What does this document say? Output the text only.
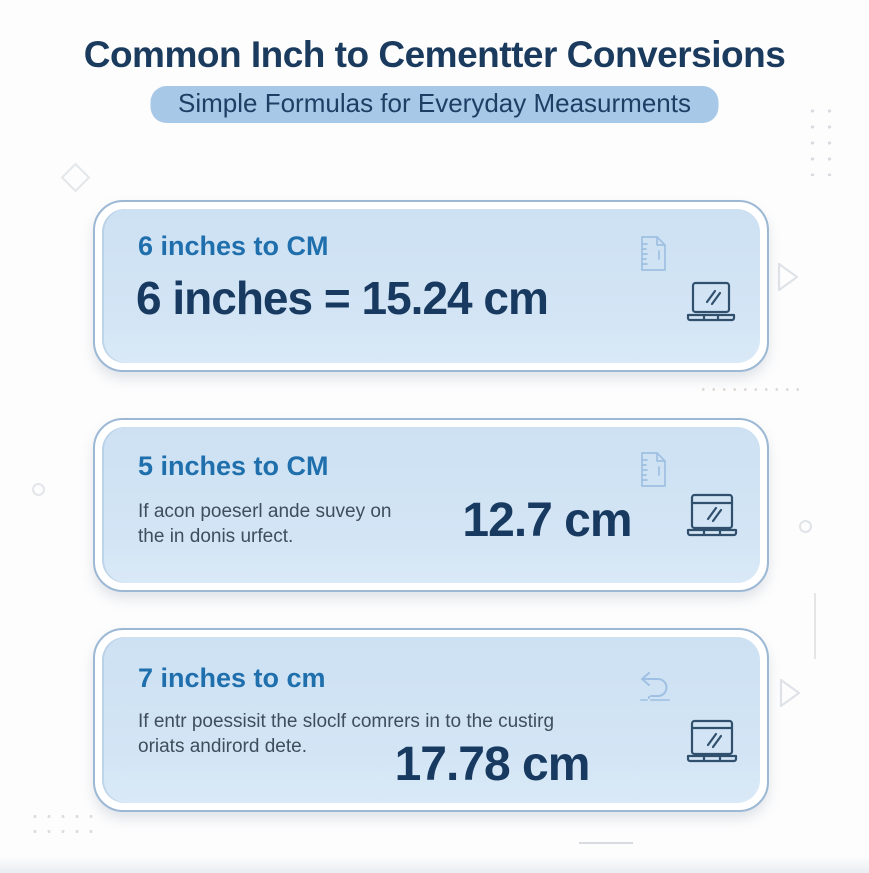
Common Inch to Cementter Conversions
Simple Formulas for Everyday Measurments
6 inches to CM
6 inches = 15.24 cm
5 inches to CM
If acon poeserl ande suvey on the in donis urfect.	12.7 cm
7 inches to cm
If entr poessisit the sloclf comrers in to the custirg oriats andirord dete.	17.78 cm
